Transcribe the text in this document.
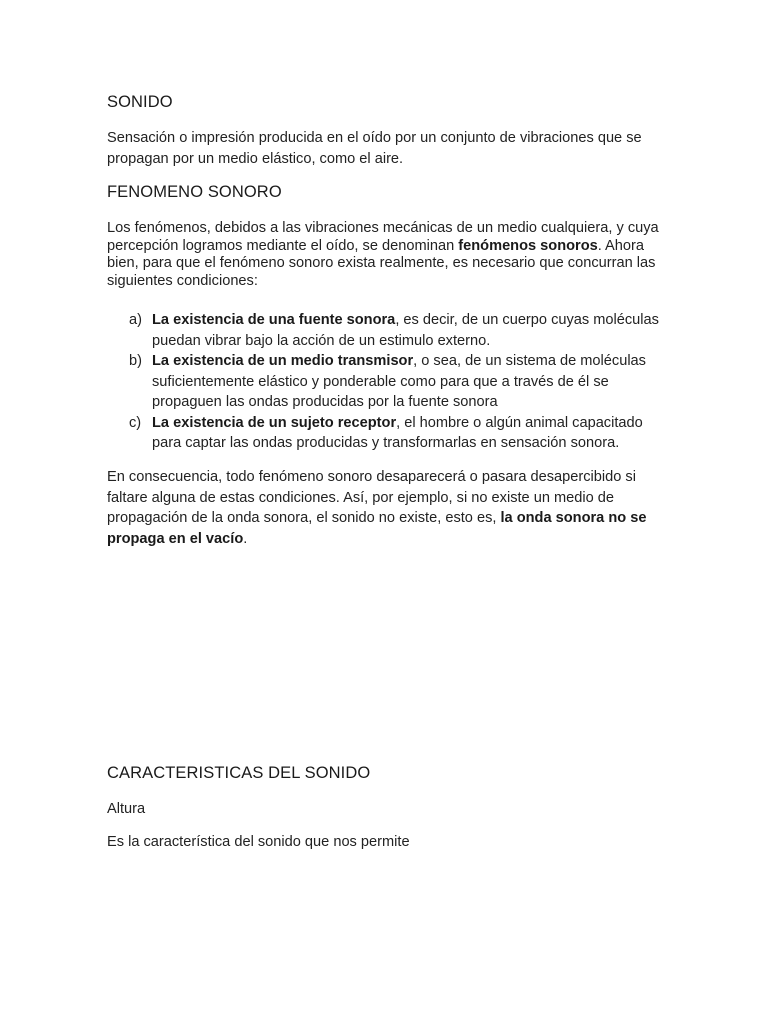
SONIDO

Sensación o impresión producida en el oído por un conjunto de vibraciones que se propagan por un medio elástico, como el aire.

FENOMENO SONORO

Los fenómenos, debidos a las vibraciones mecánicas de un medio cualquiera, y cuya percepción logramos mediante el oído, se denominan fenómenos sonoros. Ahora bien, para que el fenómeno sonoro exista realmente, es necesario que concurran las siguientes condiciones:

a) La existencia de una fuente sonora, es decir, de un cuerpo cuyas moléculas puedan vibrar bajo la acción de un estimulo externo.
b) La existencia de un medio transmisor, o sea, de un sistema de moléculas suficientemente elástico y ponderable como para que a través de él se propaguen las ondas producidas por la fuente sonora
c) La existencia de un sujeto receptor, el hombre o algún animal capacitado para captar las ondas producidas y transformarlas en sensación sonora.

En consecuencia, todo fenómeno sonoro desaparecerá o pasara desapercibido si faltare alguna de estas condiciones. Así, por ejemplo, si no existe un medio de propagación de la onda sonora, el sonido no existe, esto es, la onda sonora no se propaga en el vacío.

CARACTERISTICAS DEL SONIDO

Altura

Es la característica del sonido que nos permite
